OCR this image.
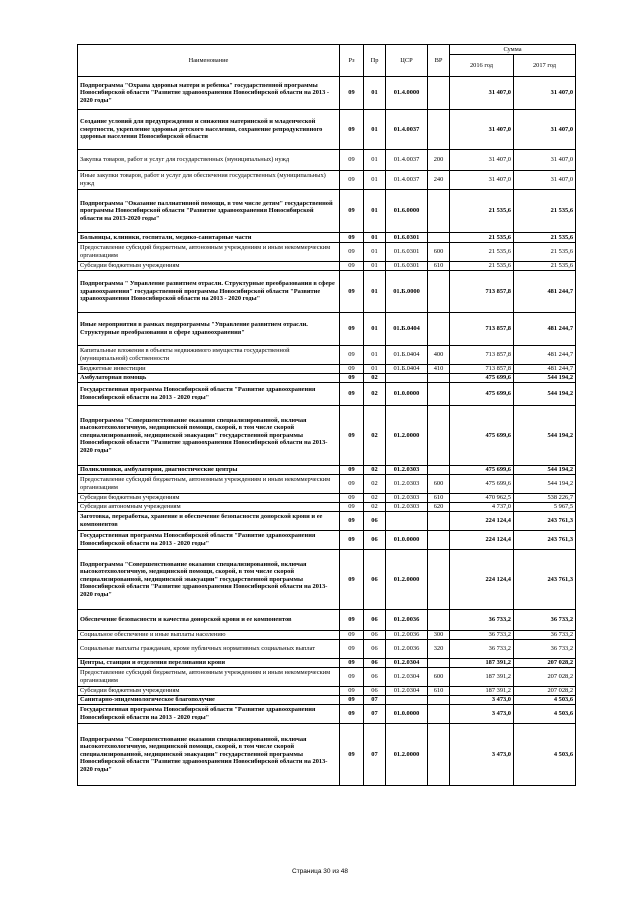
Наименование	Рз	Пр	ЦСР	ВР	Сумма	
					2016 год	2017 год
Подпрограмма "Охрана здоровья матери и ребенка" государственной программы Новосибирской области "Развитие здравоохранения Новосибирской области на 2013 - 2020 годы"	09	01	01.4.0000		31 407,0	31 407,0
Создание условий для предупреждения и снижения материнской и младенческой смертности, укрепление здоровья детского населения, сохранение репродуктивного здоровья населения Новосибирской области	09	01	01.4.0037		31 407,0	31 407,0
Закупка товаров, работ и услуг для государственных (муниципальных) нужд	09	01	01.4.0037	200	31 407,0	31 407,0
Иные закупки товаров, работ и услуг для обеспечения государственных (муниципальных) нужд	09	01	01.4.0037	240	31 407,0	31 407,0
Подпрограмма "Оказание паллиативной помощи, в том числе детям" государственной программы Новосибирской области "Развитие здравоохранения Новосибирской области на 2013-2020 годы"	09	01	01.6.0000		21 535,6	21 535,6
Больницы, клиники, госпитали, медико-санитарные части	09	01	01.6.0301		21 535,6	21 535,6
Предоставление субсидий бюджетным, автономным учреждениям и иным некоммерческим организациям	09	01	01.6.0301	600	21 535,6	21 535,6
Субсидии бюджетным учреждениям	09	01	01.6.0301	610	21 535,6	21 535,6
Подпрограмма " Управление развитием отрасли. Структурные преобразования в сфере здравоохранения" государственной программы Новосибирской области "Развитие здравоохранения Новосибирской области на 2013 - 2020 годы"	09	01	01.Б.0000		713 857,8	481 244,7
Иные мероприятия в рамках подпрограммы "Управление развитием отрасли. Структурные преобразования в сфере здравоохранения"	09	01	01.Б.0404		713 857,8	481 244,7
Капитальные вложения в объекты недвижимого имущества государственной (муниципальной) собственности	09	01	01.Б.0404	400	713 857,8	481 244,7
Бюджетные инвестиции	09	01	01.Б.0404	410	713 857,8	481 244,7
Амбулаторная помощь	09	02			475 699,6	544 194,2
Государственная программа Новосибирской области "Развитие здравоохранения Новосибирской области на 2013 - 2020 годы"	09	02	01.0.0000		475 699,6	544 194,2
Подпрограмма "Совершенствование оказания специализированной, включая высокотехнологичную, медицинской помощи, скорой, в том числе скорой специализированной, медицинской эвакуации" государственной программы Новосибирской области "Развитие здравоохранения Новосибирской области на 2013-2020 годы"	09	02	01.2.0000		475 699,6	544 194,2
Поликлиники, амбулатории, диагностические центры	09	02	01.2.0303		475 699,6	544 194,2
Предоставление субсидий бюджетным, автономным учреждениям и иным некоммерческим организациям	09	02	01.2.0303	600	475 699,6	544 194,2
Субсидии бюджетным учреждениям	09	02	01.2.0303	610	470 962,5	538 226,7
Субсидии автономным учреждениям	09	02	01.2.0303	620	4 737,0	5 967,5
Заготовка, переработка, хранение и обеспечение безопасности донорской крови и ее компонентов	09	06			224 124,4	243 761,3
Государственная программа Новосибирской области "Развитие здравоохранения Новосибирской области на 2013 - 2020 годы"	09	06	01.0.0000		224 124,4	243 761,3
Подпрограмма "Совершенствование оказания специализированной, включая высокотехнологичную, медицинской помощи, скорой, в том числе скорой специализированной, медицинской эвакуации" государственной программы Новосибирской области "Развитие здравоохранения Новосибирской области на 2013-2020 годы"	09	06	01.2.0000		224 124,4	243 761,3
Обеспечение безопасности и качества донорской крови и ее компонентов	09	06	01.2.0036		36 733,2	36 733,2
Социальное обеспечение и иные выплаты населению	09	06	01.2.0036	300	36 733,2	36 733,2
Социальные выплаты гражданам, кроме публичных нормативных социальных выплат	09	06	01.2.0036	320	36 733,2	36 733,2
Центры, станции и отделения переливания крови	09	06	01.2.0304		187 391,2	207 028,2
Предоставление субсидий бюджетным, автономным учреждениям и иным некоммерческим организациям	09	06	01.2.0304	600	187 391,2	207 028,2
Субсидии бюджетным учреждениям	09	06	01.2.0304	610	187 391,2	207 028,2
Санитарно-эпидемиологическое благополучие	09	07			3 473,0	4 503,6
Государственная программа Новосибирской области "Развитие здравоохранения Новосибирской области на 2013 - 2020 годы"	09	07	01.0.0000		3 473,0	4 503,6
Подпрограмма "Совершенствование оказания специализированной, включая высокотехнологичную, медицинской помощи, скорой, в том числе скорой специализированной, медицинской эвакуации" государственной программы Новосибирской области "Развитие здравоохранения Новосибирской области на 2013-2020 годы"	09	07	01.2.0000		3 473,0	4 503,6
Страница 30 из 48
